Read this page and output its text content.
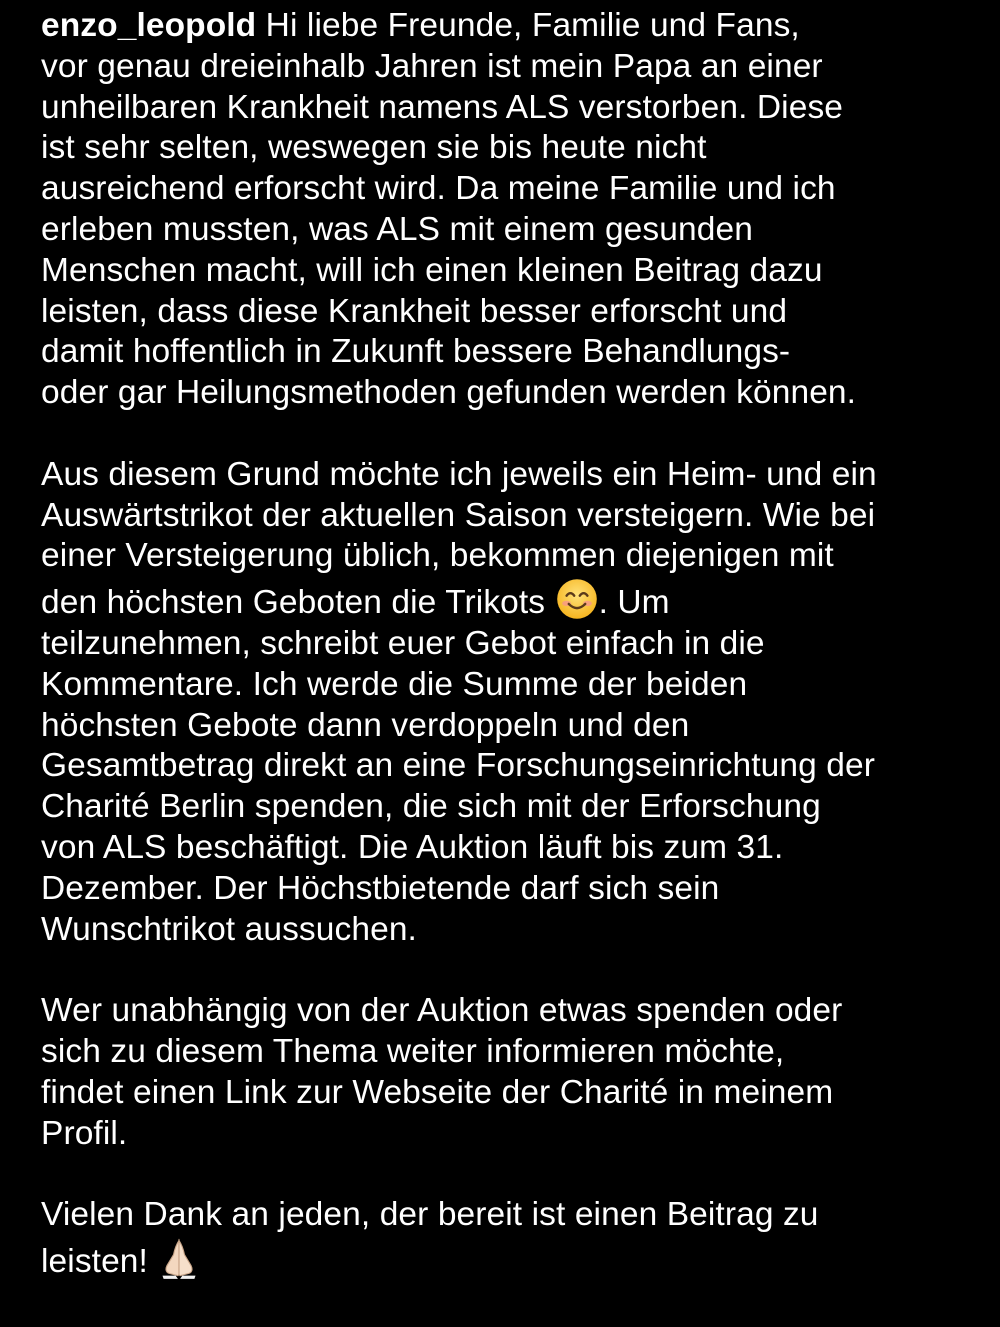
enzo_leopold Hi liebe Freunde, Familie und Fans,
vor genau dreieinhalb Jahren ist mein Papa an einer
unheilbaren Krankheit namens ALS verstorben. Diese
ist sehr selten, weswegen sie bis heute nicht
ausreichend erforscht wird. Da meine Familie und ich
erleben mussten, was ALS mit einem gesunden
Menschen macht, will ich einen kleinen Beitrag dazu
leisten, dass diese Krankheit besser erforscht und
damit hoffentlich in Zukunft bessere Behandlungs-
oder gar Heilungsmethoden gefunden werden können.

Aus diesem Grund möchte ich jeweils ein Heim- und ein
Auswärtstrikot der aktuellen Saison versteigern. Wie bei
einer Versteigerung üblich, bekommen diejenigen mit
den höchsten Geboten die Trikots
. Um
teilzunehmen, schreibt euer Gebot einfach in die
Kommentare. Ich werde die Summe der beiden
höchsten Gebote dann verdoppeln und den
Gesamtbetrag direkt an eine Forschungseinrichtung der
Charité Berlin spenden, die sich mit der Erforschung
von ALS beschäftigt. Die Auktion läuft bis zum 31.
Dezember. Der Höchstbietende darf sich sein
Wunschtrikot aussuchen.

Wer unabhängig von der Auktion etwas spenden oder
sich zu diesem Thema weiter informieren möchte,
findet einen Link zur Webseite der Charité in meinem
Profil.

Vielen Dank an jeden, der bereit ist einen Beitrag zu
leisten!
